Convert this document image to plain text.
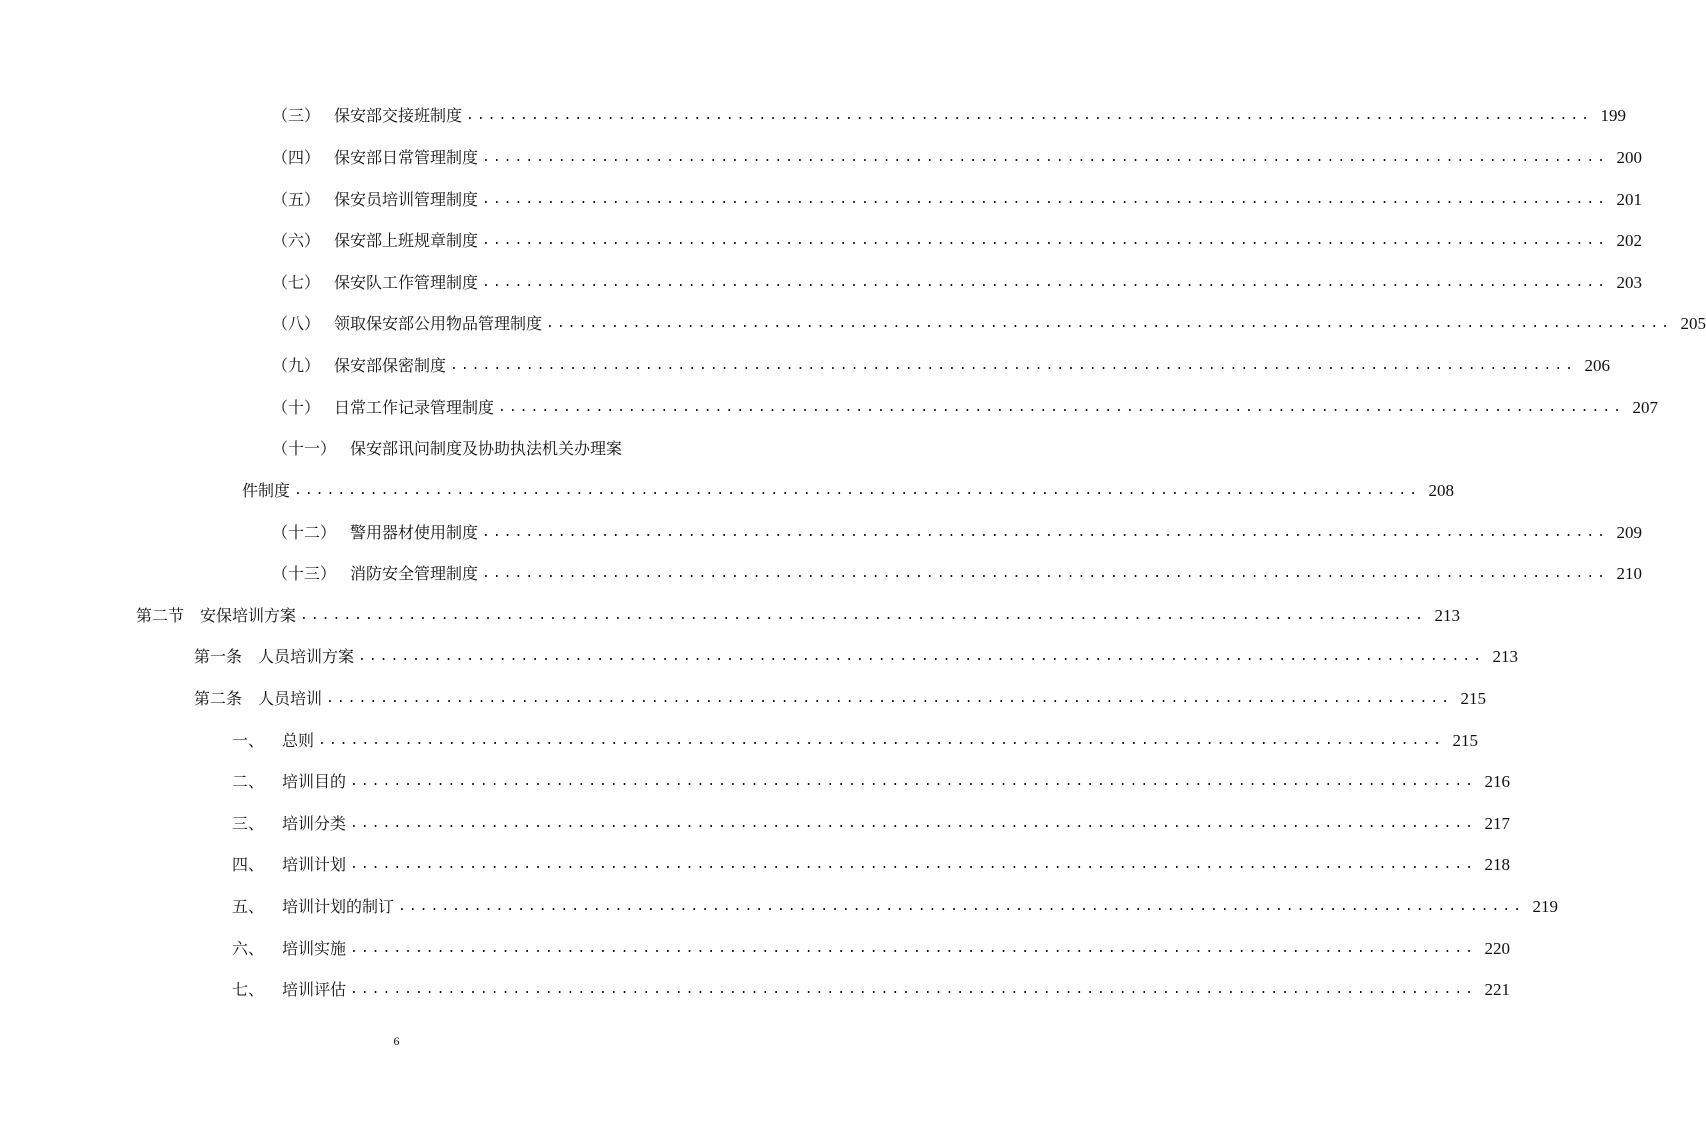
（三） 保安部交接班制度 ........................................................................................................ 199
（四） 保安部日常管理制度 ........................................................................................................ 200
（五） 保安员培训管理制度 ........................................................................................................ 201
（六） 保安部上班规章制度 ........................................................................................................ 202
（七） 保安队工作管理制度 ........................................................................................................ 203
（八） 领取保安部公用物品管理制度 ........................................................................................................ 205
（九） 保安部保密制度 ........................................................................................................ 206
（十） 日常工作记录管理制度 ........................................................................................................ 207
（十一） 保安部讯问制度及协助执法机关办理案
件制度 ........................................................................................................ 208
（十二） 警用器材使用制度 ........................................................................................................ 209
（十三） 消防安全管理制度 ........................................................................................................ 210
第二节 安保培训方案 ........................................................................................................ 213
第一条 人员培训方案 ........................................................................................................ 213
第二条 人员培训 ........................................................................................................ 215
一、	总则 ........................................................................................................ 215
二、	培训目的 ........................................................................................................ 216
三、	培训分类 ........................................................................................................ 217
四、	培训计划 ........................................................................................................ 218
五、	培训计划的制订 ........................................................................................................ 219
六、	培训实施 ........................................................................................................ 220
七、	培训评估 ........................................................................................................ 221
6
